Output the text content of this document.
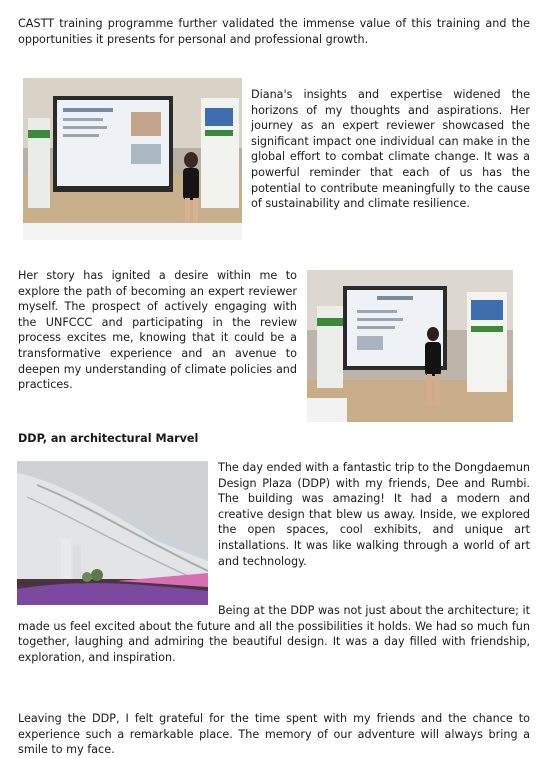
CASTT training programme further validated the immense value of this training and the opportunities it presents for personal and professional growth.

Diana's insights and expertise widened the horizons of my thoughts and aspirations. Her journey as an expert reviewer showcased the significant impact one individual can make in the global effort to combat climate change. It was a powerful reminder that each of us has the potential to contribute meaningfully to the cause of sustainability and climate resilience.

Her story has ignited a desire within me to explore the path of becoming an expert reviewer myself. The prospect of actively engaging with the UNFCCC and participating in the review process excites me, knowing that it could be a transformative experience and an avenue to deepen my understanding of climate policies and practices.

DDP, an architectural Marvel

The day ended with a fantastic trip to the Dongdaemun Design Plaza (DDP) with my friends, Dee and Rumbi. The building was amazing! It had a modern and creative design that blew us away. Inside, we explored the open spaces, cool exhibits, and unique art installations. It was like walking through a world of art and technology.

Being at the DDP was not just about the architecture; it made us feel excited about the future and all the possibilities it holds. We had so much fun together, laughing and admiring the beautiful design. It was a day filled with friendship, exploration, and inspiration.

Leaving the DDP, I felt grateful for the time spent with my friends and the chance to experience such a remarkable place. The memory of our adventure will always bring a smile to my face.
